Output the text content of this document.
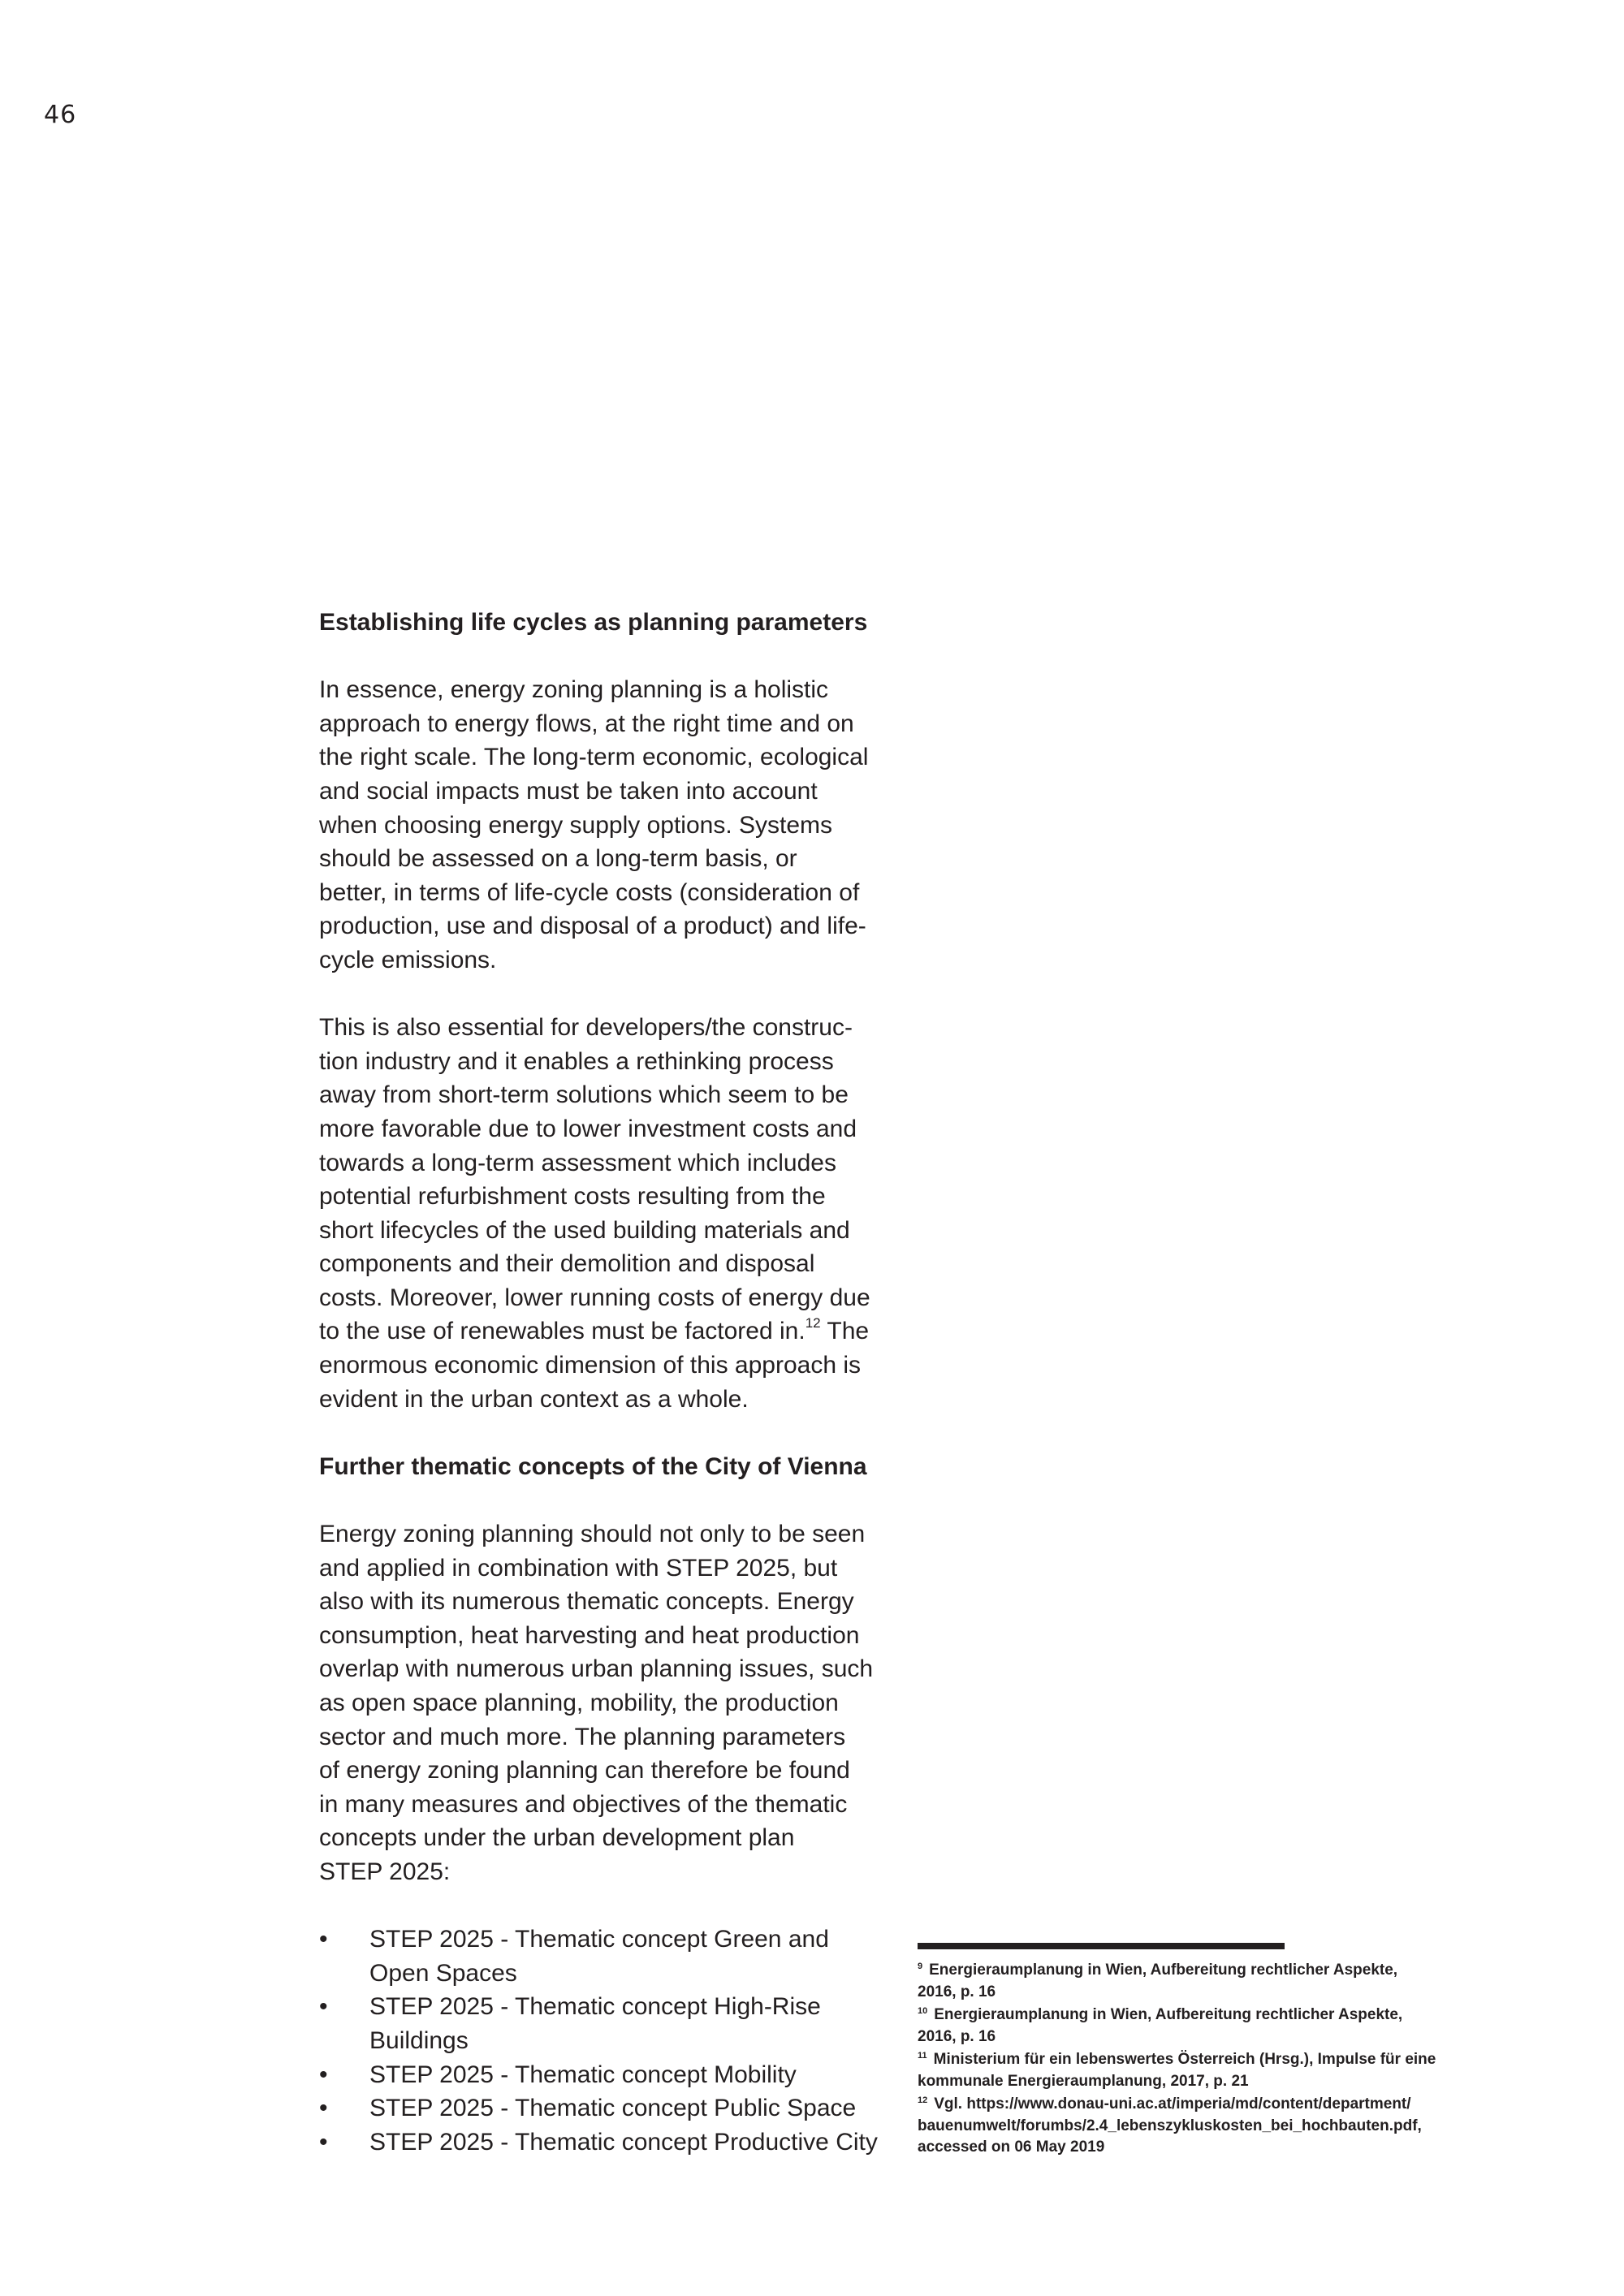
46
Establishing life cycles as planning parameters
In essence, energy zoning planning is a holistic
approach to energy flows, at the right time and on
the right scale. The long-term economic, ecological
and social impacts must be taken into account
when choosing energy supply options. Systems
should be assessed on a long-term basis, or
better, in terms of life-cycle costs (consideration of
production, use and disposal of a product) and life-
cycle emissions.
This is also essential for developers/the construc-
tion industry and it enables a rethinking process
away from short-term solutions which seem to be
more favorable due to lower investment costs and
towards a long-term assessment which includes
potential refurbishment costs resulting from the
short lifecycles of the used building materials and
components and their demolition and disposal
costs. Moreover, lower running costs of energy due
to the use of renewables must be factored in.$^{12}$ The
enormous economic dimension of this approach is
evident in the urban context as a whole.
Further thematic concepts of the City of Vienna
Energy zoning planning should not only to be seen
and applied in combination with STEP 2025, but
also with its numerous thematic concepts. Energy
consumption, heat harvesting and heat production
overlap with numerous urban planning issues, such
as open space planning, mobility, the production
sector and much more. The planning parameters
of energy zoning planning can therefore be found
in many measures and objectives of the thematic
concepts under the urban development plan
STEP 2025:
• STEP 2025 - Thematic concept Green and
Open Spaces
• STEP 2025 - Thematic concept High-Rise
Buildings
• STEP 2025 - Thematic concept Mobility
• STEP 2025 - Thematic concept Public Space
• STEP 2025 - Thematic concept Productive City
$^9$ Energieraumplanung in Wien, Aufbereitung rechtlicher Aspekte,
2016, p. 16
$^{10}$ Energieraumplanung in Wien, Aufbereitung rechtlicher Aspekte,
2016, p. 16
$^{11}$ Ministerium für ein lebenswertes Österreich (Hrsg.), Impulse für eine
kommunale Energieraumplanung, 2017, p. 21
$^{12}$ Vgl. https://www.donau-uni.ac.at/imperia/md/content/department/
bauenumwelt/forumbs/2.4_lebenszykluskosten_bei_hochbauten.pdf,
accessed on 06 May 2019
